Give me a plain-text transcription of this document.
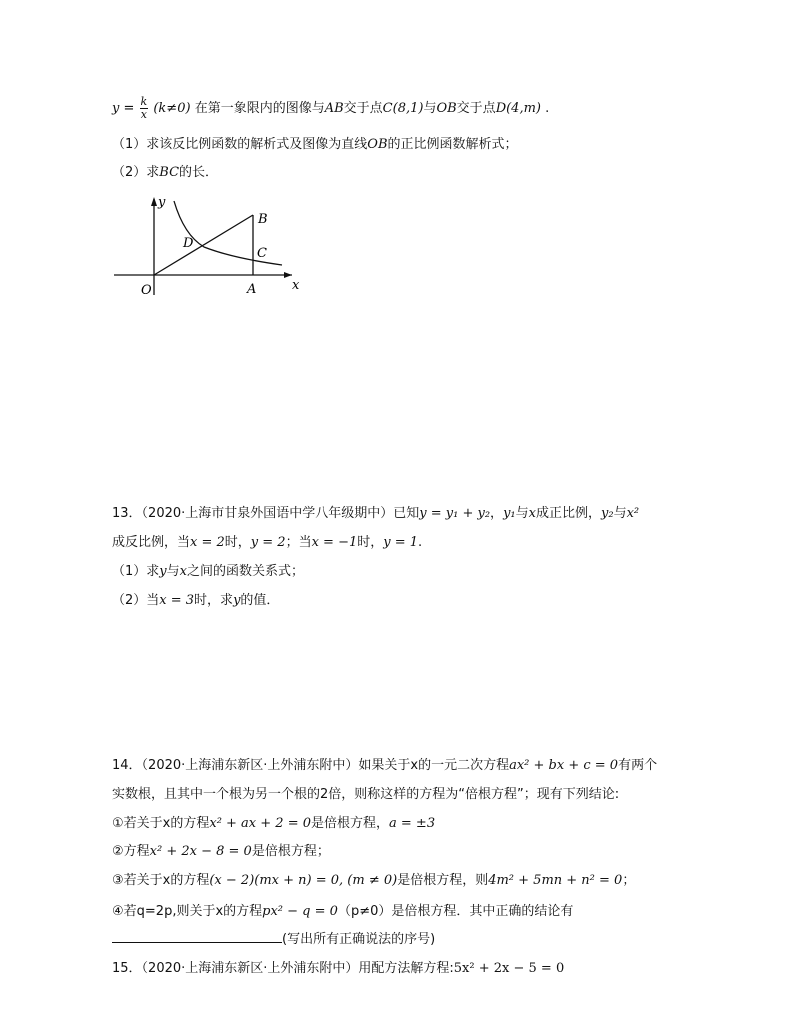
$y = \frac{k}{x} (k\ne 0)$ 在第一象限内的图像与AB交于点C(8,1)与OB交于点D(4,m) .
（1）求该反比例函数的解析式及图像为直线OB的正比例函数解析式；
（2）求BC的长．
y
x
O	A
B
C
D
13．（2020·上海市甘泉外国语中学八年级期中）已知y = y₁ + y₂，y₁与x成正比例，y₂与x²
成反比例，当x = 2时，y = 2；当x = −1时，y = 1.
（1）求y与x之间的函数关系式；
（2）当x = 3时，求y的值．
14．（2020·上海浦东新区·上外浦东附中）如果关于x的一元二次方程ax² + bx + c = 0有两个
实数根，且其中一个根为另一个根的2倍，则称这样的方程为“倍根方程”；现有下列结论:
①若关于x的方程x² + ax + 2 = 0是倍根方程，a = ±3
②方程x² + 2x − 8 = 0是倍根方程；
③若关于x的方程(x − 2)(mx + n) = 0, (m ≠ 0)是倍根方程，则4m² + 5mn + n² = 0；
④若q=2p,则关于x的方程px² − q = 0（p≠0）是倍根方程．其中正确的结论有
(写出所有正确说法的序号)
15．（2020·上海浦东新区·上外浦东附中）用配方法解方程:5x² + 2x − 5 = 0
